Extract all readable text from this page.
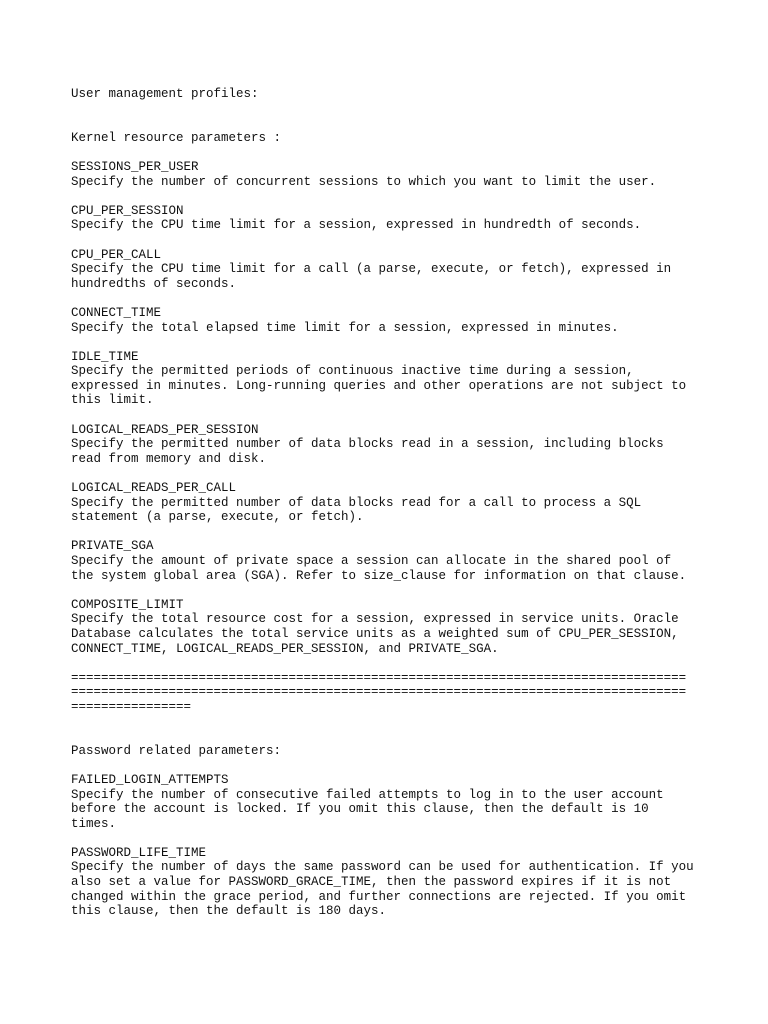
User management profiles:
Kernel resource parameters :
SESSIONS_PER_USER
Specify the number of concurrent sessions to which you want to limit the user.
CPU_PER_SESSION
Specify the CPU time limit for a session, expressed in hundredth of seconds.
CPU_PER_CALL
Specify the CPU time limit for a call (a parse, execute, or fetch), expressed in
hundredths of seconds.
CONNECT_TIME
Specify the total elapsed time limit for a session, expressed in minutes.
IDLE_TIME
Specify the permitted periods of continuous inactive time during a session,
expressed in minutes. Long-running queries and other operations are not subject to
this limit.
LOGICAL_READS_PER_SESSION
Specify the permitted number of data blocks read in a session, including blocks
read from memory and disk.
LOGICAL_READS_PER_CALL
Specify the permitted number of data blocks read for a call to process a SQL
statement (a parse, execute, or fetch).
PRIVATE_SGA
Specify the amount of private space a session can allocate in the shared pool of
the system global area (SGA). Refer to size_clause for information on that clause.
COMPOSITE_LIMIT
Specify the total resource cost for a session, expressed in service units. Oracle
Database calculates the total service units as a weighted sum of CPU_PER_SESSION,
CONNECT_TIME, LOGICAL_READS_PER_SESSION, and PRIVATE_SGA.
==================================================================================
==================================================================================
================
Password related parameters:
FAILED_LOGIN_ATTEMPTS
Specify the number of consecutive failed attempts to log in to the user account
before the account is locked. If you omit this clause, then the default is 10
times.
PASSWORD_LIFE_TIME
Specify the number of days the same password can be used for authentication. If you
also set a value for PASSWORD_GRACE_TIME, then the password expires if it is not
changed within the grace period, and further connections are rejected. If you omit
this clause, then the default is 180 days.
